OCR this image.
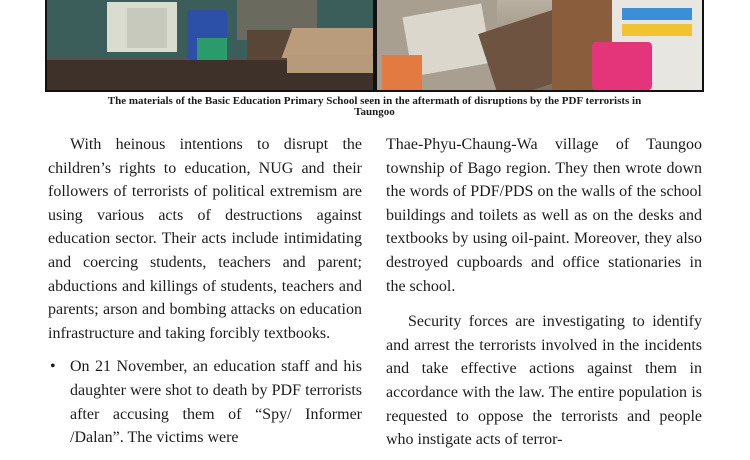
The materials of the Basic Education Primary School seen in the aftermath of disruptions by the PDF terrorists in
Taungoo

With heinous intentions to disrupt the children’s rights to education, NUG and their followers of terrorists of political extremism are using various acts of destructions against education sector. Their acts include intimidating and coercing students, teachers and parent; abductions and killings of students, teachers and parents; arson and bombing attacks on education infrastructure and taking forcibly textbooks.

• On 21 November, an education staff and his daughter were shot to death by PDF terrorists after accusing them of “Spy/ Informer /Dalan”. The victims were

Thae-Phyu-Chaung-Wa village of Taungoo township of Bago region. They then wrote down the words of PDF/PDS on the walls of the school buildings and toilets as well as on the desks and textbooks by using oil-paint. Moreover, they also destroyed cupboards and office stationaries in the school.

Security forces are investigating to identify and arrest the terrorists involved in the incidents and take effective actions against them in accordance with the law. The entire population is requested to oppose the terrorists and people who instigate acts of terror-
